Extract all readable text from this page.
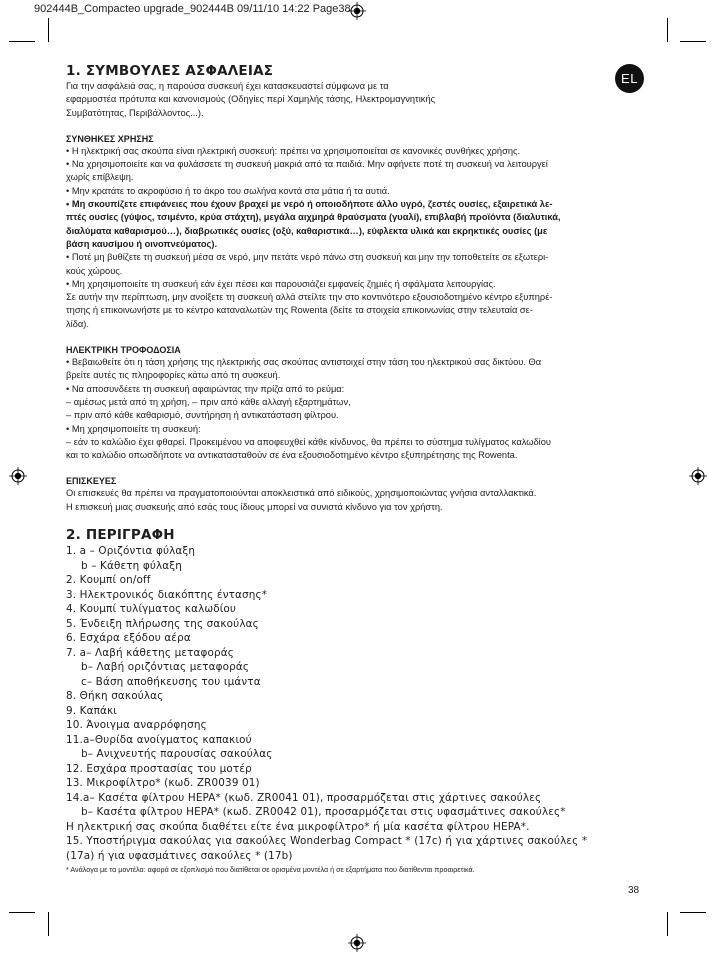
902444B_Compacteo upgrade_902444B 09/11/10 14:22 Page38
EL
1. ΣΥΜΒΟΥΛΕΣ ΑΣΦΑΛΕΙΑΣ

Για την ασφάλειά σας, η παρούσα συσκευή έχει κατασκευαστεί σύμφωνα με τα

εφαρμοστέα πρότυπα και κανονισμούς (Οδηγίες περί Χαμηλής τάσης, Ηλεκτρομαγνητικής

Συμβατότητας, Περιβάλλοντος...).

ΣΥΝΘΗΚΕΣ ΧΡΗΣΗΣ

• Η ηλεκτρική σας σκούπα είναι ηλεκτρική συσκευή: πρέπει να χρησιμοποιείται σε κανονικές συνθήκες χρήσης.

• Να χρησιμοποιείτε και να φυλάσσετε τη συσκευή μακριά από τα παιδιά. Μην αφήνετε ποτέ τη συσκευή να λειτουργεί

χωρίς επίβλεψη.

• Μην κρατάτε το ακροφύσιο ή το άκρο του σωλήνα κοντά στα μάτια ή τα αυτιά.

• Μη σκουπίζετε επιφάνειες που έχουν βραχεί με νερό ή οποιοδήποτε άλλο υγρό, ζεστές ουσίες, εξαιρετικά λε-

πτές ουσίες (γύψος, τσιμέντο, κρύα στάχτη), μεγάλα αιχμηρά θραύσματα (γυαλί), επιβλαβή προϊόντα (διαλυτικά,

διαλύματα καθαρισμού…), διαβρωτικές ουσίες (οξύ, καθαριστικά…), εύφλεκτα υλικά και εκρηκτικές ουσίες (με

βάση καυσίμου ή οινοπνεύματος).

• Ποτέ μη βυθίζετε τη συσκευή μέσα σε νερό, μην πετάτε νερό πάνω στη συσκευή και μην την τοποθετείτε σε εξωτερι-

κούς χώρους.

• Μη χρησιμοποιείτε τη συσκευή εάν έχει πέσει και παρουσιάζει εμφανείς ζημιές ή σφάλματα λειτουργίας.

Σε αυτήν την περίπτωση, μην ανοίξετε τη συσκευή αλλά στείλτε την στο κοντινότερο εξουσιοδοτημένο κέντρο εξυπηρέ-

τησης ή επικοινωνήστε με το κέντρο καταναλωτών της Rowenta (δείτε τα στοιχεία επικοινωνίας στην τελευταία σε-

λίδα).

ΗΛΕΚΤΡΙΚΗ ΤΡΟΦΟΔΟΣΙΑ

• Βεβαιωθείτε ότι η τάση χρήσης της ηλεκτρικής σας σκούπας αντιστοιχεί στην τάση του ηλεκτρικού σας δικτύου. Θα

βρείτε αυτές τις πληροφορίες κάτω από τη συσκευή.

• Να αποσυνδέετε τη συσκευή αφαιρώντας την πρίζα από το ρεύμα:

– αμέσως μετά από τη χρήση, – πριν από κάθε αλλαγή εξαρτημάτων,

– πριν από κάθε καθαρισμό, συντήρηση ή αντικατάσταση φίλτρου.

• Μη χρησιμοποιείτε τη συσκευή:

– εάν το καλώδιο έχει φθαρεί. Προκειμένου να αποφευχθεί κάθε κίνδυνος, θα πρέπει το σύστημα τυλίγματος καλωδίου

και το καλώδιο οπωσδήποτε να αντικατασταθούν σε ένα εξουσιοδοτημένο κέντρο εξυπηρέτησης της Rowenta.

ΕΠΙΣΚΕΥΕΣ

Οι επισκευές θα πρέπει να πραγματοποιούνται αποκλειστικά από ειδικούς, χρησιμοποιώντας γνήσια ανταλλακτικά.

Η επισκευή μιας συσκευής από εσάς τους ίδιους μπορεί να συνιστά κίνδυνο για τον χρήστη.

2. ΠΕΡΙΓΡΑΦΗ
1. a – Οριζόντια φύλαξη
b – Κάθετη φύλαξη
2. Κουμπί on/off
3. Ηλεκτρονικός διακόπτης έντασης*
4. Κουμπί τυλίγματος καλωδίου
5. Ένδειξη πλήρωσης της σακούλας
6. Εσχάρα εξόδου αέρα
7. a– Λαβή κάθετης μεταφοράς
b– Λαβή οριζόντιας μεταφοράς
c– Βάση αποθήκευσης του ιμάντα
8. Θήκη σακούλας
9. Καπάκι
10. Άνοιγμα αναρρόφησης
11.a–Θυρίδα ανοίγματος καπακιού
b– Ανιχνευτής παρουσίας σακούλας
12. Εσχάρα προστασίας του μοτέρ
13. Μικροφίλτρο* (κωδ. ZR0039 01)
14.a– Κασέτα φίλτρου HEPA* (κωδ. ZR0041 01), προσαρμόζεται στις χάρτινες σακούλες
b– Κασέτα φίλτρου HEPA* (κωδ. ZR0042 01), προσαρμόζεται στις υφασμάτινες σακούλες*
Η ηλεκτρική σας σκούπα διαθέτει είτε ένα μικροφίλτρο* ή μία κασέτα φίλτρου HEPA*.
15. Υποστήριγμα σακούλας για σακούλες Wonderbag Compact * (17c) ή για χάρτινες σακούλες *
(17a) ή για υφασμάτινες σακούλες * (17b)
* Ανάλογα με τα μοντέλα: αφορά σε εξοπλισμό που διατίθεται σε ορισμένα μοντέλα ή σε εξαρτήματα που διατίθενται προαιρετικά.
38
